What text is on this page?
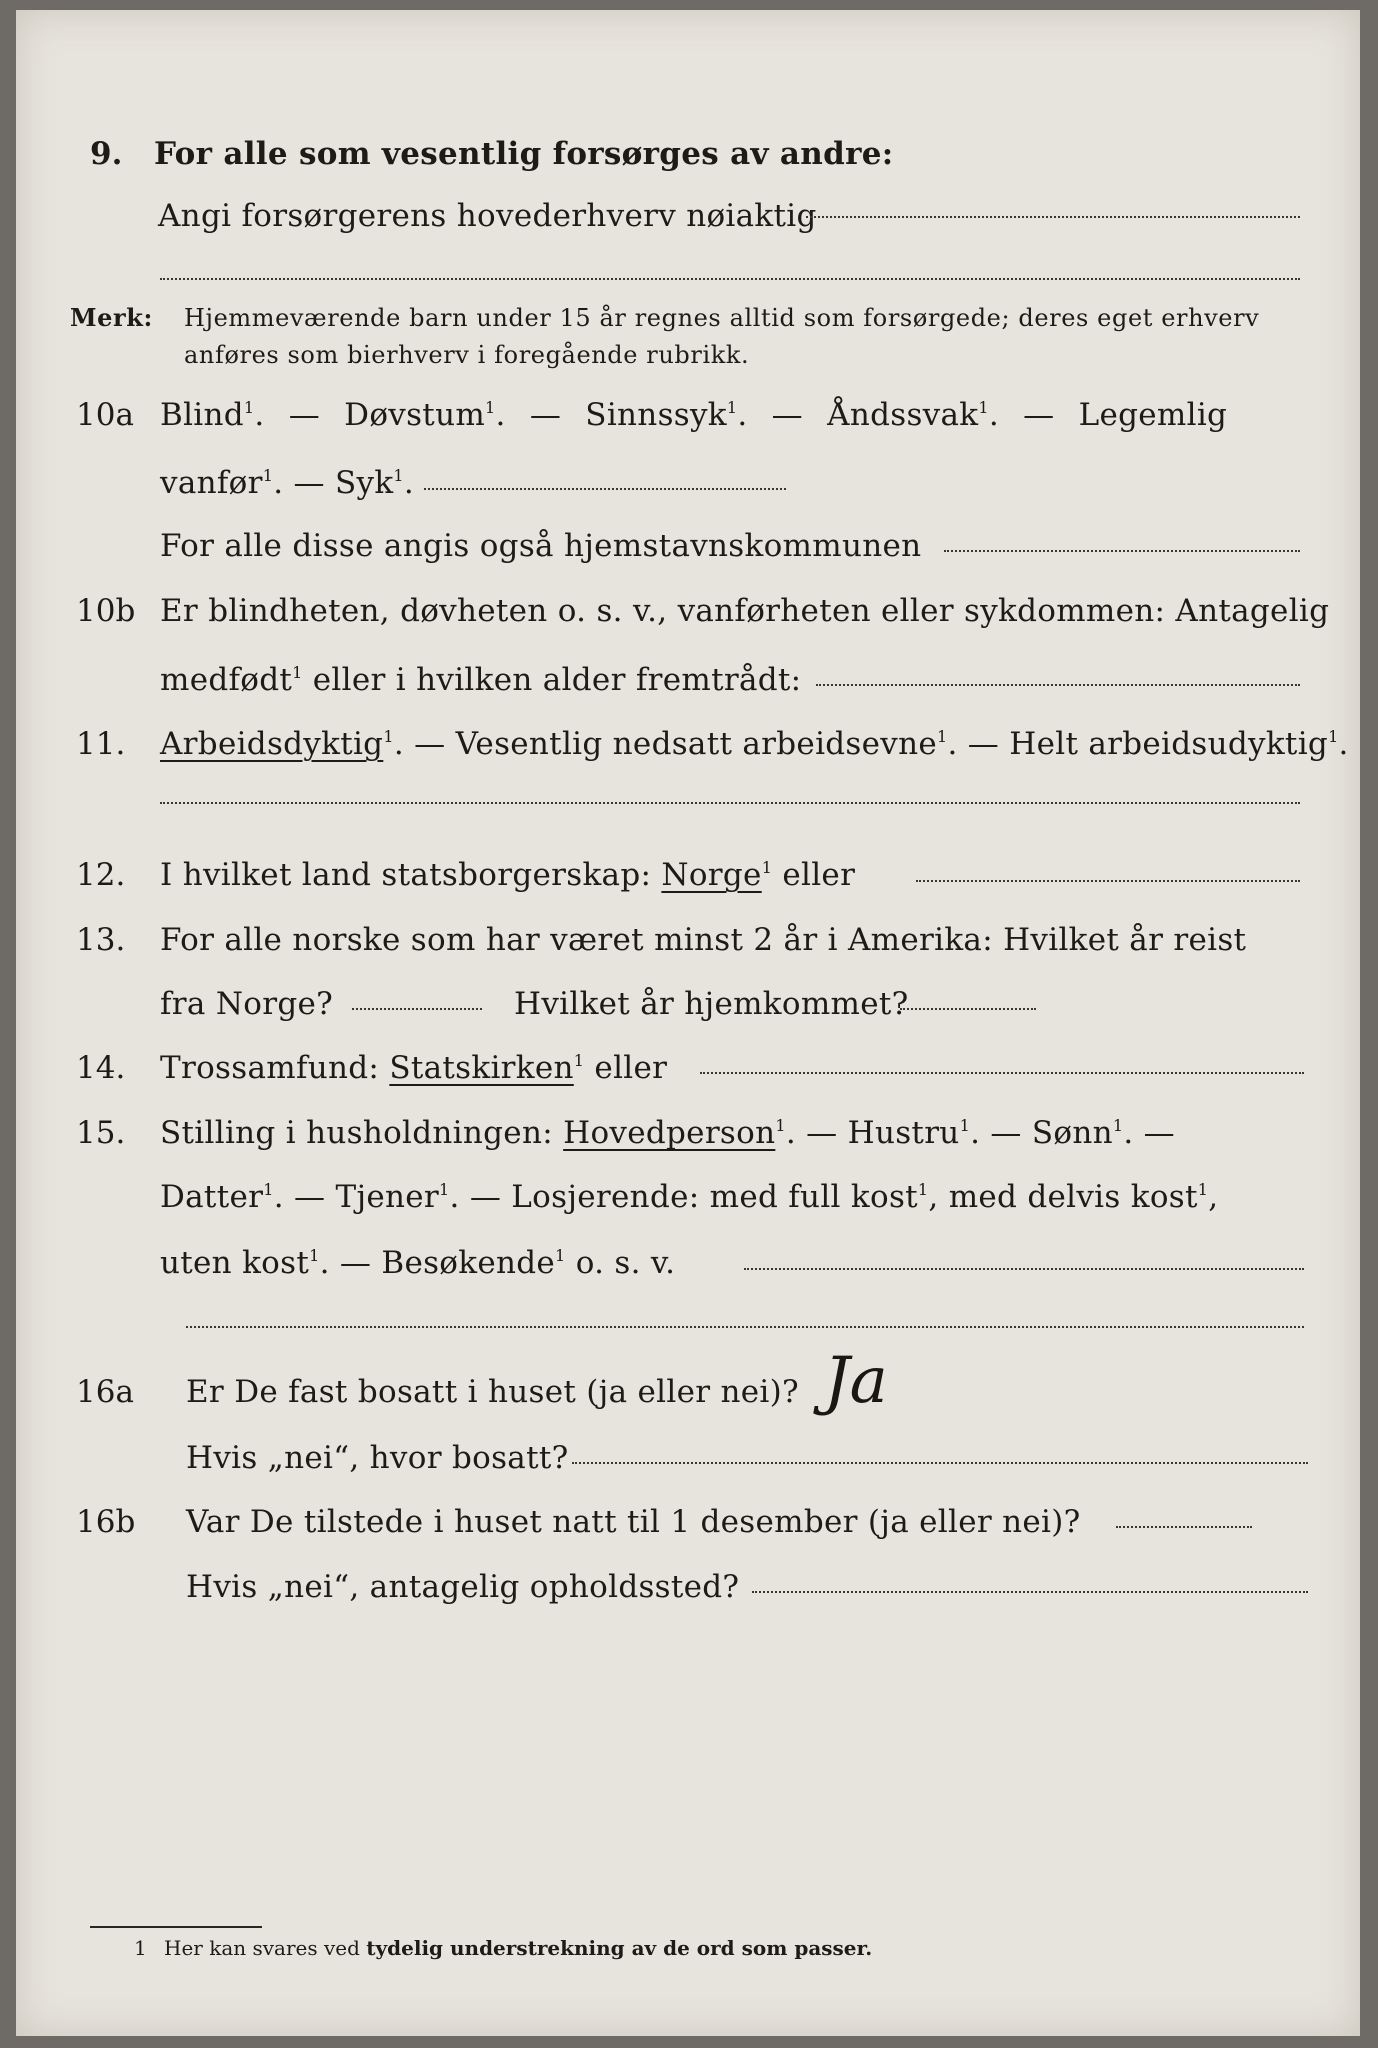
9. For alle som vesentlig forsørges av andre:
Angi forsørgerens hovederhverv nøiaktig
Merk: Hjemmeværende barn under 15 år regnes alltid som forsørgede; deres eget erhverv
anføres som bierhverv i foregående rubrikk.
10a Blind$^1$. — Døvstum$^1$. — Sinnssyk$^1$. — Åndssvak$^1$. — Legemlig
vanfør$^1$. — Syk$^1$.
For alle disse angis også hjemstavnskommunen
10b Er blindheten, døvheten o. s. v., vanførheten eller sykdommen: Antagelig
medfødt$^1$ eller i hvilken alder fremtrådt:
11. Arbeidsdyktig$^1$. — Vesentlig nedsatt arbeidsevne$^1$. — Helt arbeidsudyktig$^1$.
12. I hvilket land statsborgerskap: Norge$^1$ eller
13. For alle norske som har været minst 2 år i Amerika: Hvilket år reist
fra Norge?	Hvilket år hjemkommet?
14. Trossamfund: Statskirken$^1$ eller
15. Stilling i husholdningen: Hovedperson$^1$. — Hustru$^1$. — Sønn$^1$. —
Datter$^1$. — Tjener$^1$. — Losjerende: med full kost$^1$, med delvis kost$^1$,
uten kost$^1$. — Besøkende$^1$ o. s. v.
16a Er De fast bosatt i huset (ja eller nei)? Ja
Hvis „nei“, hvor bosatt?
16b Var De tilstede i huset natt til 1 desember (ja eller nei)?
Hvis „nei“, antagelig opholdssted?
1 Her kan svares ved tydelig understrekning av de ord som passer.
